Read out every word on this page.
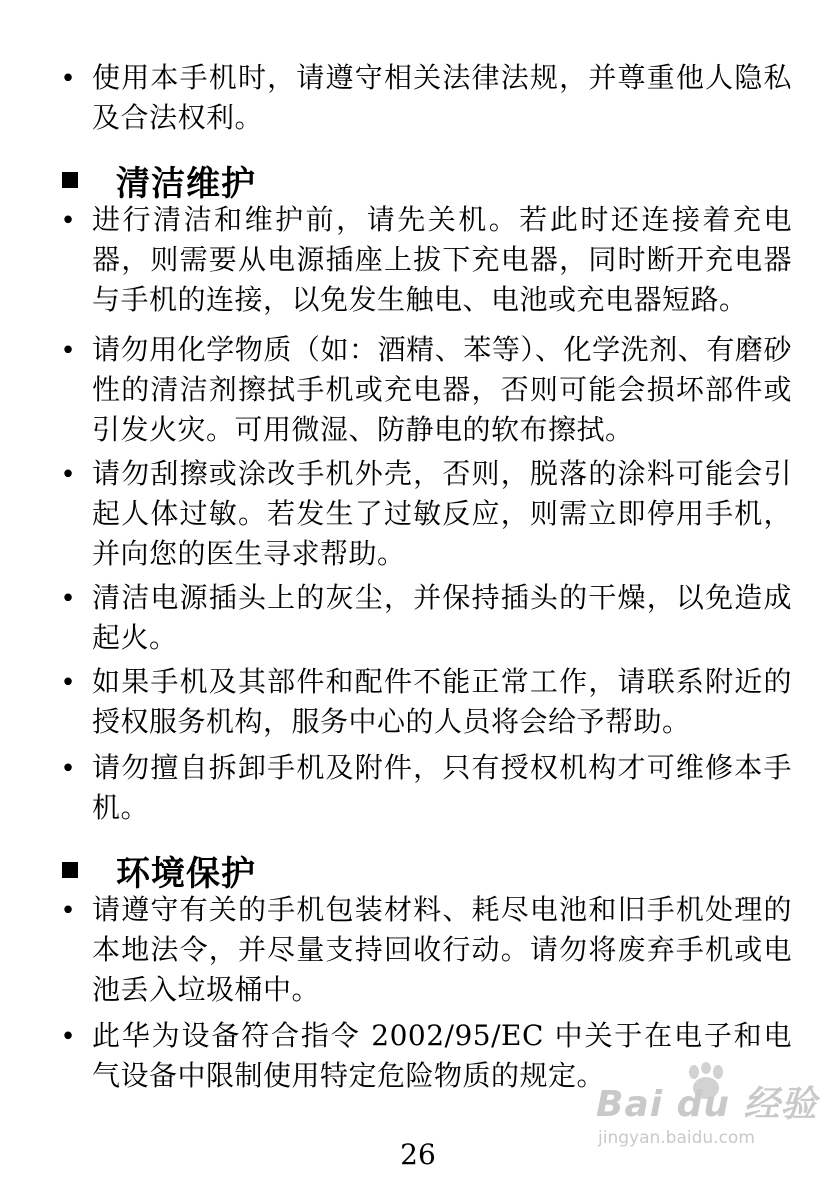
• 使用本手机时，请遵守相关法律法规，并尊重他人隐私及合法权利。
清洁维护
• 进行清洁和维护前，请先关机。若此时还连接着充电器，则需要从电源插座上拔下充电器，同时断开充电器与手机的连接，以免发生触电、电池或充电器短路。
• 请勿用化学物质（如：酒精、苯等）、化学洗剂、有磨砂性的清洁剂擦拭手机或充电器，否则可能会损坏部件或引发火灾。可用微湿、防静电的软布擦拭。
• 请勿刮擦或涂改手机外壳，否则，脱落的涂料可能会引起人体过敏。若发生了过敏反应，则需立即停用手机，并向您的医生寻求帮助。
• 清洁电源插头上的灰尘，并保持插头的干燥，以免造成起火。
• 如果手机及其部件和配件不能正常工作，请联系附近的授权服务机构，服务中心的人员将会给予帮助。
• 请勿擅自拆卸手机及附件，只有授权机构才可维修本手机。
环境保护
• 请遵守有关的手机包装材料、耗尽电池和旧手机处理的本地法令，并尽量支持回收行动。请勿将废弃手机或电池丢入垃圾桶中。
• 此华为设备符合指令 2002/95/EC 中关于在电子和电气设备中限制使用特定危险物质的规定。
Bai du 经验
jingyan.baidu.com
26
